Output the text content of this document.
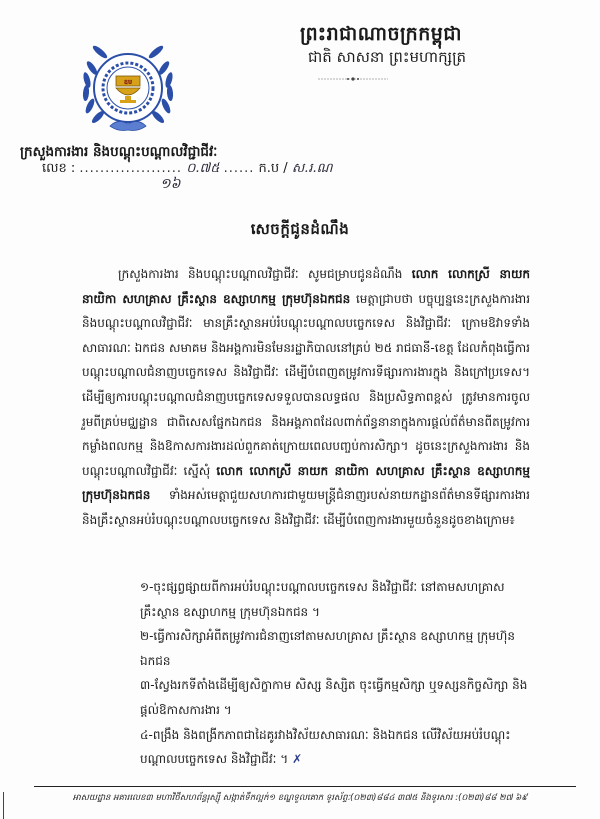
ឧម
ព្រះរាជាណាចក្រកម្ពុជា
ជាតិ សាសនា ព្រះមហាក្សត្រ
ក្រសួងការងារ និងបណ្តុះបណ្តាលវិជ្ជាជីវៈ
លេខ : .................... ០.៧៥ ...... ក.ប / ស.រ.ណ
១៦
សេចក្តីជូនដំណឹង

ក្រសួងការងារ និងបណ្តុះបណ្តាលវិជ្ជាជីវៈ សូមជម្រាបជូនដំណឹង លោក លោកស្រី នាយក នាយិកា សហគ្រាស គ្រឹះស្ថាន ឧស្សាហកម្ម ក្រុមហ៊ុនឯកជន មេត្តាជ្រាបថា បច្ចុប្បន្ននេះក្រសួងការងារ និងបណ្តុះបណ្តាលវិជ្ជាជីវៈ មានគ្រឹះស្ថានអប់រំបណ្តុះបណ្តាលបច្ចេកទេស និងវិជ្ជាជីវៈ ក្រោមឱវាទទាំងសាធារណៈ ឯកជន សមាគម និងអង្គការមិនមែនរដ្ឋាភិបាលនៅគ្រប់ ២៥ រាជធានី-ខេត្ត ដែលកំពុងធ្វើការបណ្តុះបណ្តាលជំនាញបច្ចេកទេស និងវិជ្ជាជីវៈ ដើម្បីបំពេញតម្រូវការទីផ្សារការងារក្នុង និងក្រៅប្រទេស។ ដើម្បីឲ្យការបណ្តុះបណ្តាលជំនាញបច្ចេកទេសទទួលបានលទ្ធផល និងប្រសិទ្ធភាពខ្ពស់ ត្រូវមានការចូលរួមពីគ្រប់មជ្ឈដ្ឋាន ជាពិសេសផ្នែកឯកជន និងអង្គភាពដែលពាក់ព័ន្ធនានាក្នុងការផ្តល់ព័ត៌មានពីតម្រូវការកម្លាំងពលកម្ម និងឱកាសការងារដល់ពួកគាត់ក្រោយពេលបញ្ចប់ការសិក្សា។ ដូចនេះក្រសួងការងារ និងបណ្តុះបណ្តាលវិជ្ជាជីវៈ ស្នើសុំ លោក លោកស្រី នាយក នាយិកា សហគ្រាស គ្រឹះស្ថាន ឧស្សាហកម្ម ក្រុមហ៊ុនឯកជន ទាំងអស់មេត្តាជួយសហការជាមួយមន្ត្រីជំនាញរបស់នាយកដ្ឋានព័ត៌មានទីផ្សារការងារ និងគ្រឹះស្ថានអប់រំបណ្តុះបណ្តាលបច្ចេកទេស និងវិជ្ជាជីវៈ ដើម្បីបំពេញការងារមួយចំនួនដូចខាងក្រោម៖

១-ចុះផ្សព្វផ្សាយពីការអប់រំបណ្តុះបណ្តាលបច្ចេកទេស និងវិជ្ជាជីវៈ នៅតាមសហគ្រាស គ្រឹះស្ថាន ឧស្សាហកម្ម ក្រុមហ៊ុនឯកជន ។
២-ធ្វើការសិក្សាអំពីតម្រូវការជំនាញនៅតាមសហគ្រាស គ្រឹះស្ថាន ឧស្សាហកម្ម ក្រុមហ៊ុនឯកជន
៣-ស្វែងរកទីតាំងដើម្បីឲ្យសិក្ខាកាម សិស្ស និស្សិត ចុះធ្វើកម្មសិក្សា ឬទស្សនកិច្ចសិក្សា និងផ្តល់ឱកាសការងារ ។
៤-ពង្រឹង និងពង្រីកភាពជាដៃគូរវាងវិស័យសាធារណៈ និងឯកជន លើវិស័យអប់រំបណ្តុះបណ្តាលបច្ចេកទេស និងវិជ្ជាជីវៈ ។ ✗
អាសយដ្ឋាន អគារលេខ៣ មហាវិថីសហព័ន្ធរុស្ស៊ី សង្កាត់ទឹកល្អក់១ ខណ្ឌទួលគោក ទូរស័ព្ទៈ(០២៣)៨៨៤ ៣៧៥ និងទូរសារ :(០២៣)៨៨ ២៧ ៦៩
